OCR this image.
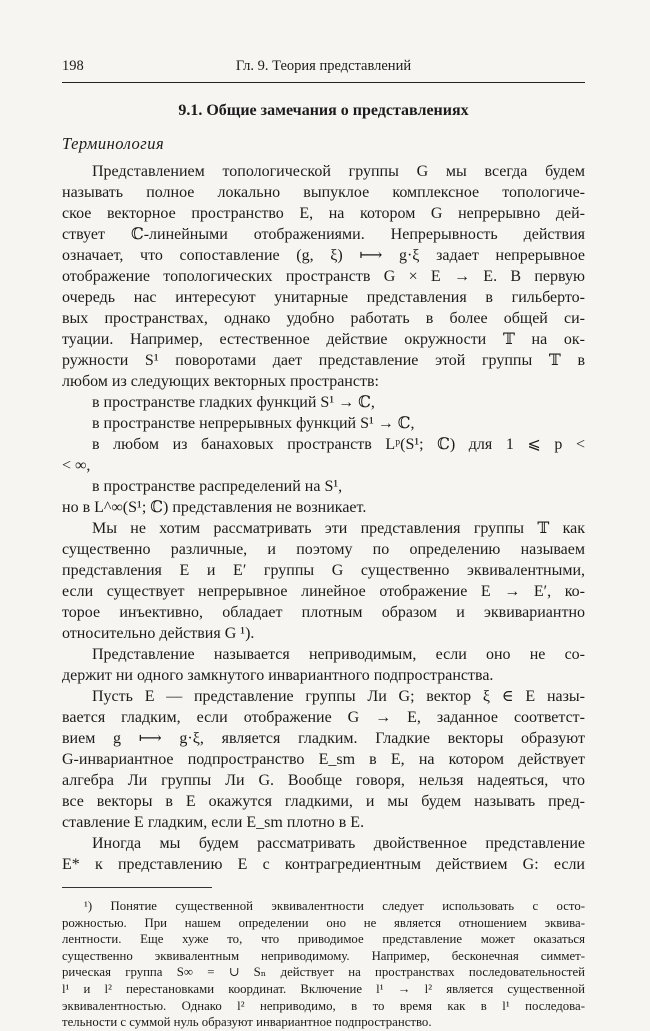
198	Гл. 9. Теория представлений
9.1. Общие замечания о представлениях
Терминология
Представлением топологической группы G мы всегда будем
называть полное локально выпуклое комплексное топологиче-
ское векторное пространство E, на котором G непрерывно дей-
ствует ℂ-линейными отображениями. Непрерывность действия
означает, что сопоставление (g, ξ) ⟼ g·ξ задает непрерывное
отображение топологических пространств G × E → E. В первую
очередь нас интересуют унитарные представления в гильберто-
вых пространствах, однако удобно работать в более общей си-
туации. Например, естественное действие окружности 𝕋 на ок-
ружности S¹ поворотами дает представление этой группы 𝕋 в
любом из следующих векторных пространств:
в пространстве гладких функций S¹ → ℂ,
в пространстве непрерывных функций S¹ → ℂ,
в любом из банаховых пространств Lᵖ(S¹; ℂ) для 1 ⩽ p <
< ∞,
в пространстве распределений на S¹,
но в L^∞(S¹; ℂ) представления не возникает.
Мы не хотим рассматривать эти представления группы 𝕋 как
существенно различные, и поэтому по определению называем
представления E и E′ группы G существенно эквивалентными,
если существует непрерывное линейное отображение E → E′, ко-
торое инъективно, обладает плотным образом и эквивариантно
относительно действия G ¹).
Представление называется неприводимым, если оно не со-
держит ни одного замкнутого инвариантного подпространства.
Пусть E — представление группы Ли G; вектор ξ ∈ E назы-
вается гладким, если отображение G → E, заданное соответст-
вием g ⟼ g·ξ, является гладким. Гладкие векторы образуют
G-инвариантное подпространство E_sm в E, на котором действует
алгебра Ли группы Ли G. Вообще говоря, нельзя надеяться, что
все векторы в E окажутся гладкими, и мы будем называть пред-
ставление E гладким, если E_sm плотно в E.
Иногда мы будем рассматривать двойственное представление
E* к представлению E с контрагредиентным действием G: если
¹) Понятие существенной эквивалентности следует использовать с осто-
рожностью. При нашем определении оно не является отношением эквива-
лентности. Еще хуже то, что приводимое представление может оказаться
существенно эквивалентным неприводимому. Например, бесконечная симмет-
рическая группа S∞ = ∪ Sₙ действует на пространствах последовательностей
l¹ и l² перестановками координат. Включение l¹ → l² является существенной
эквивалентностью. Однако l² неприводимо, в то время как в l¹ последова-
тельности с суммой нуль образуют инвариантное подпространство.
